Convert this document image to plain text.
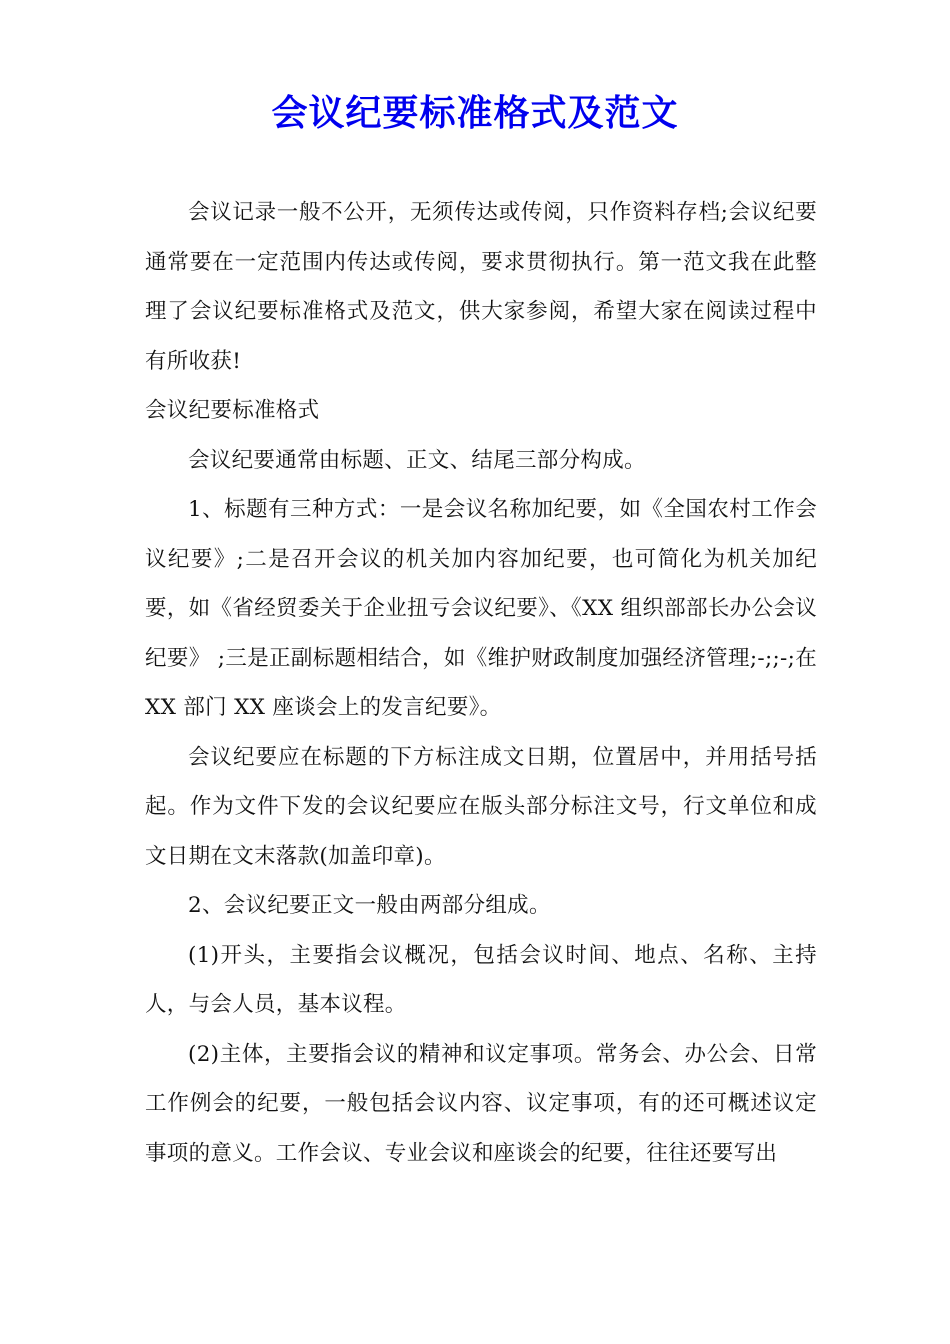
会议纪要标准格式及范文

会议记录一般不公开，无须传达或传阅，只作资料存档;会议纪要通常要在一定范围内传达或传阅，要求贯彻执行。第一范文我在此整理了会议纪要标准格式及范文，供大家参阅，希望大家在阅读过程中有所收获!

会议纪要标准格式

会议纪要通常由标题、正文、结尾三部分构成。

1、标题有三种方式：一是会议名称加纪要，如《全国农村工作会议纪要》;二是召开会议的机关加内容加纪要，也可简化为机关加纪要，如《省经贸委关于企业扭亏会议纪要》、《XX 组织部部长办公会议纪要》 ;三是正副标题相结合，如《维护财政制度加强经济管理;-;;-;在 XX 部门 XX 座谈会上的发言纪要》。

会议纪要应在标题的下方标注成文日期，位置居中，并用括号括起。作为文件下发的会议纪要应在版头部分标注文号，行文单位和成文日期在文末落款(加盖印章)。

2、会议纪要正文一般由两部分组成。

(1)开头，主要指会议概况，包括会议时间、地点、名称、主持人，与会人员，基本议程。

(2)主体，主要指会议的精神和议定事项。常务会、办公会、日常工作例会的纪要，一般包括会议内容、议定事项，有的还可概述议定事项的意义。工作会议、专业会议和座谈会的纪要，往往还要写出
